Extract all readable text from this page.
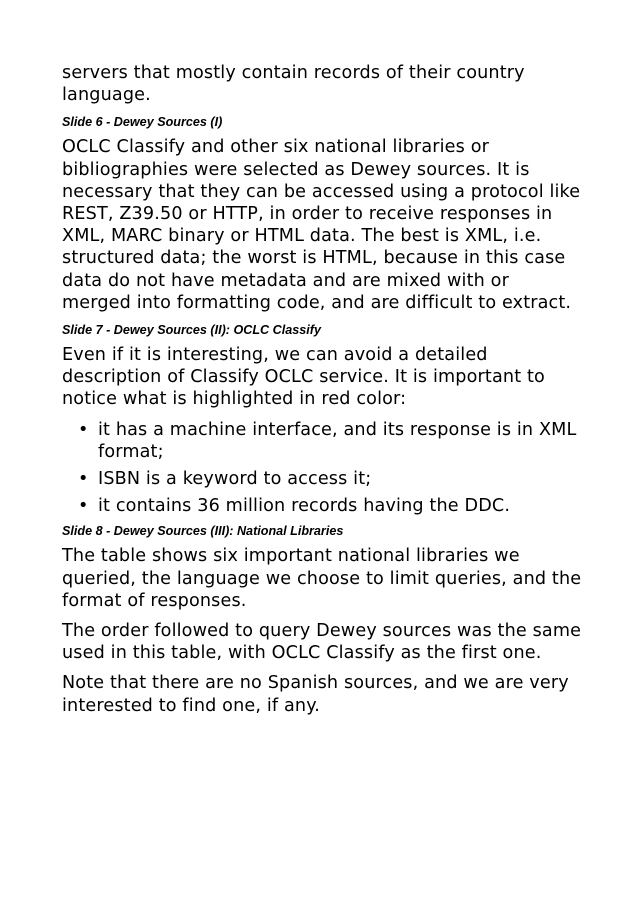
servers that mostly contain records of their country language.

Slide 6 - Dewey Sources (I)

OCLC Classify and other six national libraries or bibliographies were selected as Dewey sources. It is necessary that they can be accessed using a protocol like REST, Z39.50 or HTTP, in order to receive responses in XML, MARC binary or HTML data. The best is XML, i.e. structured data; the worst is HTML, because in this case data do not have metadata and are mixed with or merged into formatting code, and are difficult to extract.

Slide 7 - Dewey Sources (II): OCLC Classify

Even if it is interesting, we can avoid a detailed description of Classify OCLC service. It is important to notice what is highlighted in red color:

• it has a machine interface, and its response is in XML format;
• ISBN is a keyword to access it;
• it contains 36 million records having the DDC.

Slide 8 - Dewey Sources (III): National Libraries

The table shows six important national libraries we queried, the language we choose to limit queries, and the format of responses.

The order followed to query Dewey sources was the same used in this table, with OCLC Classify as the first one.

Note that there are no Spanish sources, and we are very interested to find one, if any.
